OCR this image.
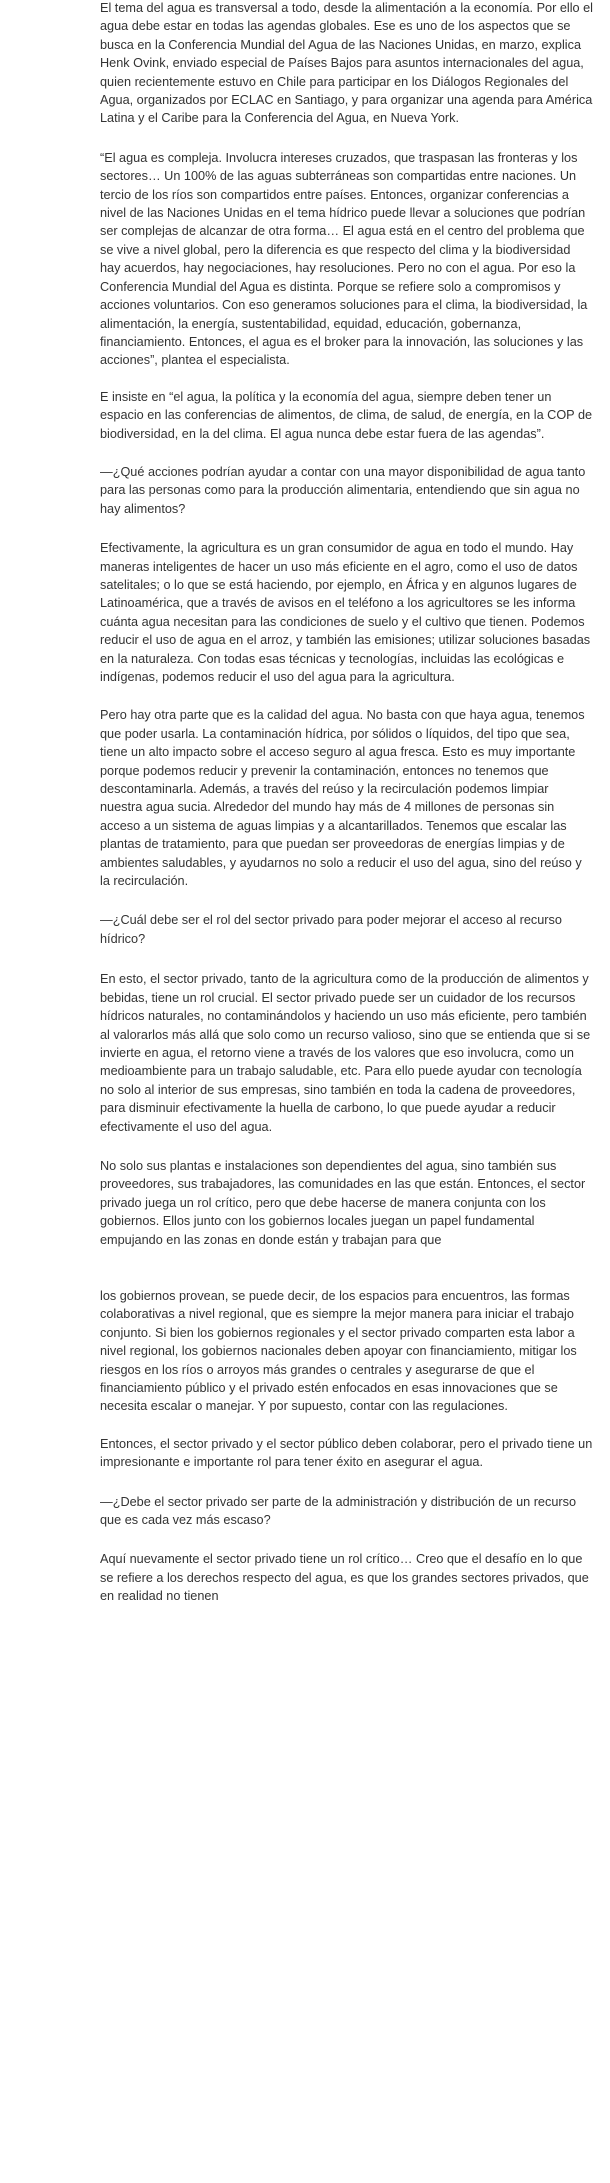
El tema del agua es transversal a todo, desde la alimentación a la economía. Por ello el agua debe estar en todas las agendas globales. Ese es uno de los aspectos que se busca en la Conferencia Mundial del Agua de las Naciones Unidas, en marzo, explica Henk Ovink, enviado especial de Países Bajos para asuntos internacionales del agua, quien recientemente estuvo en Chile para participar en los Diálogos Regionales del Agua, organizados por ECLAC en Santiago, y para organizar una agenda para América Latina y el Caribe para la Conferencia del Agua, en Nueva York.

“El agua es compleja. Involucra intereses cruzados, que traspasan las fronteras y los sectores… Un 100% de las aguas subterráneas son compartidas entre naciones. Un tercio de los ríos son compartidos entre países. Entonces, organizar conferencias a nivel de las Naciones Unidas en el tema hídrico puede llevar a soluciones que podrían ser complejas de alcanzar de otra forma… El agua está en el centro del problema que se vive a nivel global, pero la diferencia es que respecto del clima y la biodiversidad hay acuerdos, hay negociaciones, hay resoluciones. Pero no con el agua. Por eso la Conferencia Mundial del Agua es distinta. Porque se refiere solo a compromisos y acciones voluntarios. Con eso generamos soluciones para el clima, la biodiversidad, la alimentación, la energía, sustentabilidad, equidad, educación, gobernanza, financiamiento. Entonces, el agua es el broker para la innovación, las soluciones y las acciones”, plantea el especialista.

E insiste en “el agua, la política y la economía del agua, siempre deben tener un espacio en las conferencias de alimentos, de clima, de salud, de energía, en la COP de biodiversidad, en la del clima. El agua nunca debe estar fuera de las agendas”.

—¿Qué acciones podrían ayudar a contar con una mayor disponibilidad de agua tanto para las personas como para la producción alimentaria, entendiendo que sin agua no hay alimentos?

Efectivamente, la agricultura es un gran consumidor de agua en todo el mundo. Hay maneras inteligentes de hacer un uso más eficiente en el agro, como el uso de datos satelitales; o lo que se está haciendo, por ejemplo, en África y en algunos lugares de Latinoamérica, que a través de avisos en el teléfono a los agricultores se les informa cuánta agua necesitan para las condiciones de suelo y el cultivo que tienen. Podemos reducir el uso de agua en el arroz, y también las emisiones; utilizar soluciones basadas en la naturaleza. Con todas esas técnicas y tecnologías, incluidas las ecológicas e indígenas, podemos reducir el uso del agua para la agricultura.

Pero hay otra parte que es la calidad del agua. No basta con que haya agua, tenemos que poder usarla. La contaminación hídrica, por sólidos o líquidos, del tipo que sea, tiene un alto impacto sobre el acceso seguro al agua fresca. Esto es muy importante porque podemos reducir y prevenir la contaminación, entonces no tenemos que descontaminarla. Además, a través del reúso y la recirculación podemos limpiar nuestra agua sucia. Alrededor del mundo hay más de 4 millones de personas sin acceso a un sistema de aguas limpias y a alcantarillados. Tenemos que escalar las plantas de tratamiento, para que puedan ser proveedoras de energías limpias y de ambientes saludables, y ayudarnos no solo a reducir el uso del agua, sino del reúso y la recirculación.

—¿Cuál debe ser el rol del sector privado para poder mejorar el acceso al recurso hídrico?

En esto, el sector privado, tanto de la agricultura como de la producción de alimentos y bebidas, tiene un rol crucial. El sector privado puede ser un cuidador de los recursos hídricos naturales, no contaminándolos y haciendo un uso más eficiente, pero también al valorarlos más allá que solo como un recurso valioso, sino que se entienda que si se invierte en agua, el retorno viene a través de los valores que eso involucra, como un medioambiente para un trabajo saludable, etc. Para ello puede ayudar con tecnología no solo al interior de sus empresas, sino también en toda la cadena de proveedores, para disminuir efectivamente la huella de carbono, lo que puede ayudar a reducir efectivamente el uso del agua.

No solo sus plantas e instalaciones son dependientes del agua, sino también sus proveedores, sus trabajadores, las comunidades en las que están. Entonces, el sector privado juega un rol crítico, pero que debe hacerse de manera conjunta con los gobiernos. Ellos junto con los gobiernos locales juegan un papel fundamental empujando en las zonas en donde están y trabajan para que

los gobiernos provean, se puede decir, de los espacios para encuentros, las formas colaborativas a nivel regional, que es siempre la mejor manera para iniciar el trabajo conjunto. Si bien los gobiernos regionales y el sector privado comparten esta labor a nivel regional, los gobiernos nacionales deben apoyar con financiamiento, mitigar los riesgos en los ríos o arroyos más grandes o centrales y asegurarse de que el financiamiento público y el privado estén enfocados en esas innovaciones que se necesita escalar o manejar. Y por supuesto, contar con las regulaciones.

Entonces, el sector privado y el sector público deben colaborar, pero el privado tiene un impresionante e importante rol para tener éxito en asegurar el agua.

—¿Debe el sector privado ser parte de la administración y distribución de un recurso que es cada vez más escaso?

Aquí nuevamente el sector privado tiene un rol crítico… Creo que el desafío en lo que se refiere a los derechos respecto del agua, es que los grandes sectores privados, que en realidad no tienen
